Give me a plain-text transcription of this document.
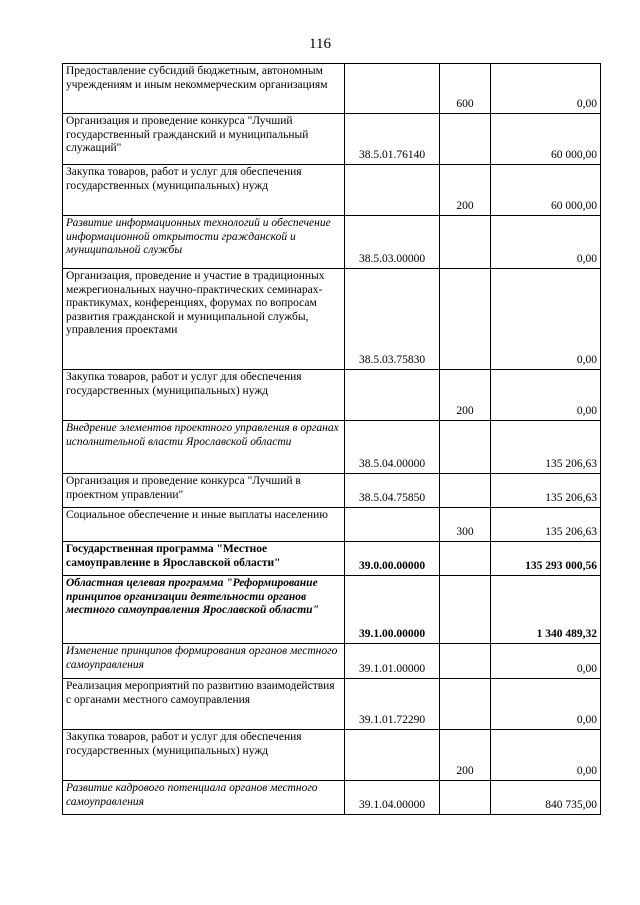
116
Предоставление субсидий бюджетным, автономным учреждениям и иным некоммерческим организациям		600	0,00
Организация и проведение конкурса "Лучший государственный гражданский и муниципальный служащий"	38.5.01.76140		60 000,00
Закупка товаров, работ и услуг для обеспечения государственных (муниципальных) нужд		200	60 000,00
Развитие информационных технологий и обеспечение информационной открытости гражданской и муниципальной службы	38.5.03.00000		0,00
Организация, проведение и участие в традиционных межрегиональных научно-практических семинарах-практикумах, конференциях, форумах по вопросам развития гражданской и муниципальной службы, управления проектами	38.5.03.75830		0,00
Закупка товаров, работ и услуг для обеспечения государственных (муниципальных) нужд		200	0,00
Внедрение элементов проектного управления в органах исполнительной власти Ярославской области	38.5.04.00000		135 206,63
Организация и проведение конкурса "Лучший в проектном управлении"	38.5.04.75850		135 206,63
Социальное обеспечение и иные выплаты населению		300	135 206,63
Государственная программа "Местное самоуправление в Ярославской области"	39.0.00.00000		135 293 000,56
Областная целевая программа "Реформирование принципов организации деятельности органов местного самоуправления Ярославской области"	39.1.00.00000		1 340 489,32
Изменение принципов формирования органов местного самоуправления	39.1.01.00000		0,00
Реализация мероприятий по развитию взаимодействия с органами местного самоуправления	39.1.01.72290		0,00
Закупка товаров, работ и услуг для обеспечения государственных (муниципальных) нужд		200	0,00
Развитие кадрового потенциала органов местного самоуправления	39.1.04.00000		840 735,00
